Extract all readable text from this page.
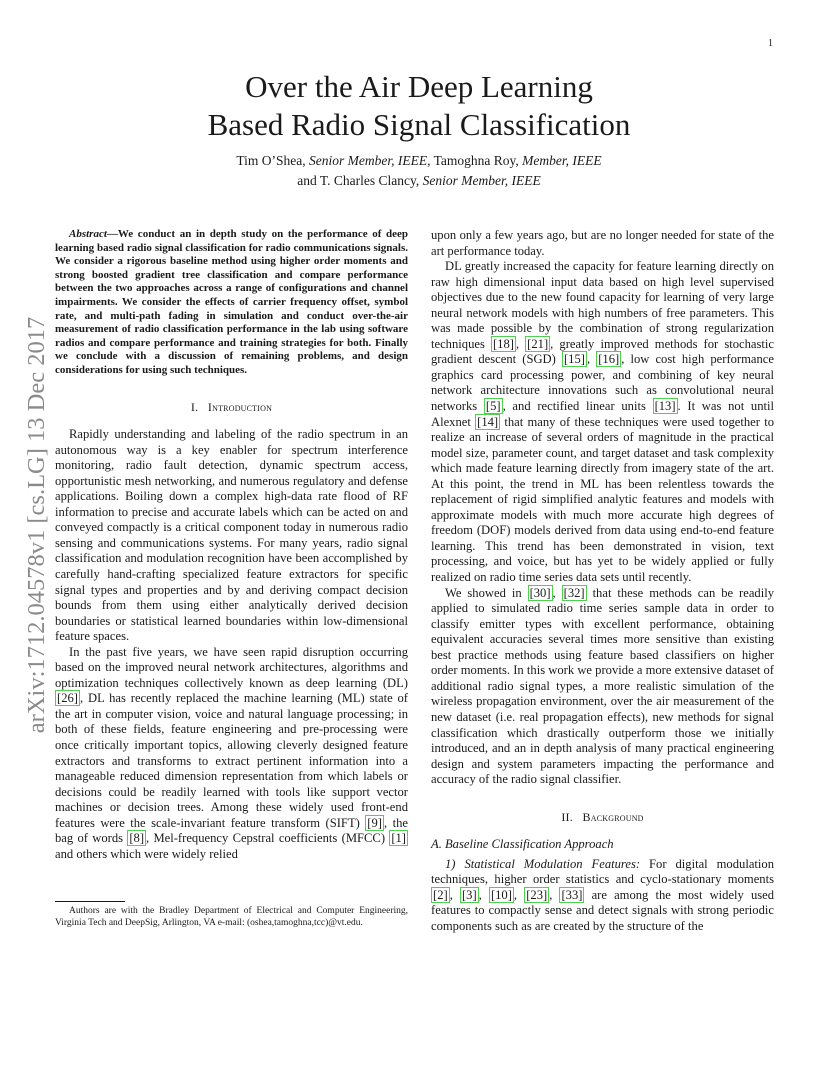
1
arXiv:1712.04578v1 [cs.LG] 13 Dec 2017
Over the Air Deep Learning
Based Radio Signal Classification
Tim O’Shea, Senior Member, IEEE, Tamoghna Roy, Member, IEEE
and T. Charles Clancy, Senior Member, IEEE

Abstract—We conduct an in depth study on the performance of deep learning based radio signal classification for radio communications signals. We consider a rigorous baseline method using higher order moments and strong boosted gradient tree classification and compare performance between the two approaches across a range of configurations and channel impairments. We consider the effects of carrier frequency offset, symbol rate, and multi-path fading in simulation and conduct over-the-air measurement of radio classification performance in the lab using software radios and compare performance and training strategies for both. Finally we conclude with a discussion of remaining problems, and design considerations for using such techniques.

I. Introduction

Rapidly understanding and labeling of the radio spectrum in an autonomous way is a key enabler for spectrum interference monitoring, radio fault detection, dynamic spectrum access, opportunistic mesh networking, and numerous regulatory and defense applications. Boiling down a complex high-data rate flood of RF information to precise and accurate labels which can be acted on and conveyed compactly is a critical component today in numerous radio sensing and communications systems. For many years, radio signal classification and modulation recognition have been accomplished by carefully hand-crafting specialized feature extractors for specific signal types and properties and by and deriving compact decision bounds from them using either analytically derived decision boundaries or statistical learned boundaries within low-dimensional feature spaces.

In the past five years, we have seen rapid disruption occurring based on the improved neural network architectures, algorithms and optimization techniques collectively known as deep learning (DL) [26] , DL has recently replaced the machine learning (ML) state of the art in computer vision, voice and natural language processing; in both of these fields, feature engineering and pre-processing were once critically important topics, allowing cleverly designed feature extractors and transforms to extract pertinent information into a manageable reduced dimension representation from which labels or decisions could be readily learned with tools like support vector machines or decision trees. Among these widely used front-end features were the scale-invariant feature transform (SIFT) [9] , the bag of words [8] , Mel-frequency Cepstral coefficients (MFCC) [1] and others which were widely relied

Authors are with the Bradley Department of Electrical and Computer Engineering, Virginia Tech and DeepSig, Arlington, VA e-mail: (oshea,tamoghna,tcc)@vt.edu.

upon only a few years ago, but are no longer needed for state of the art performance today.

DL greatly increased the capacity for feature learning directly on raw high dimensional input data based on high level supervised objectives due to the new found capacity for learning of very large neural network models with high numbers of free parameters. This was made possible by the combination of strong regularization techniques [18] , [21] , greatly improved methods for stochastic gradient descent (SGD) [15] , [16] , low cost high performance graphics card processing power, and combining of key neural network architecture innovations such as convolutional neural networks [5] , and rectified linear units [13] . It was not until Alexnet [14] that many of these techniques were used together to realize an increase of several orders of magnitude in the practical model size, parameter count, and target dataset and task complexity which made feature learning directly from imagery state of the art. At this point, the trend in ML has been relentless towards the replacement of rigid simplified analytic features and models with approximate models with much more accurate high degrees of freedom (DOF) models derived from data using end-to-end feature learning. This trend has been demonstrated in vision, text processing, and voice, but has yet to be widely applied or fully realized on radio time series data sets until recently.

We showed in [30] , [32] that these methods can be readily applied to simulated radio time series sample data in order to classify emitter types with excellent performance, obtaining equivalent accuracies several times more sensitive than existing best practice methods using feature based classifiers on higher order moments. In this work we provide a more extensive dataset of additional radio signal types, a more realistic simulation of the wireless propagation environment, over the air measurement of the new dataset (i.e. real propagation effects), new methods for signal classification which drastically outperform those we initially introduced, and an in depth analysis of many practical engineering design and system parameters impacting the performance and accuracy of the radio signal classifier.

II. Background
A. Baseline Classification Approach

1) Statistical Modulation Features: For digital modulation techniques, higher order statistics and cyclo-stationary moments [2] , [3] , [10] , [23] , [33] are among the most widely used features to compactly sense and detect signals with strong periodic components such as are created by the structure of the
